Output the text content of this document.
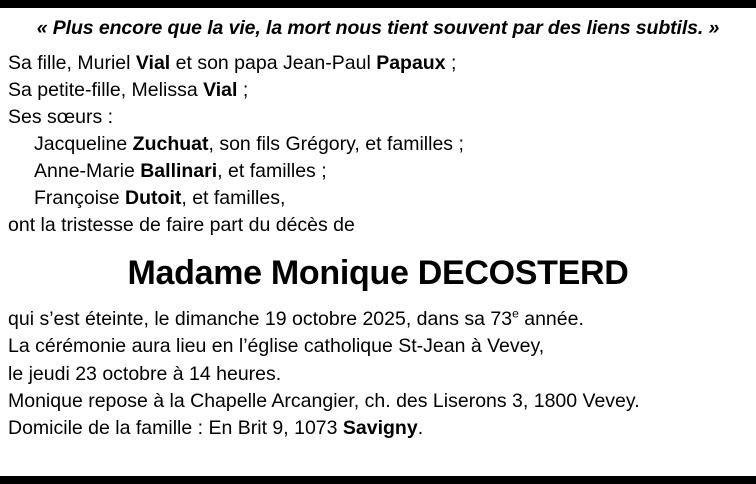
« Plus encore que la vie, la mort nous tient souvent par des liens subtils. »
Sa fille, Muriel Vial et son papa Jean-Paul Papaux ;
Sa petite-fille, Melissa Vial ;
Ses sœurs :
Jacqueline Zuchuat, son fils Grégory, et familles ;
Anne-Marie Ballinari, et familles ;
Françoise Dutoit, et familles,
ont la tristesse de faire part du décès de
Madame Monique DECOSTERD
qui s’est éteinte, le dimanche 19 octobre 2025, dans sa 73e année.
La cérémonie aura lieu en l’église catholique St-Jean à Vevey,
le jeudi 23 octobre à 14 heures.
Monique repose à la Chapelle Arcangier, ch. des Liserons 3, 1800 Vevey.
Domicile de la famille : En Brit 9, 1073 Savigny.
